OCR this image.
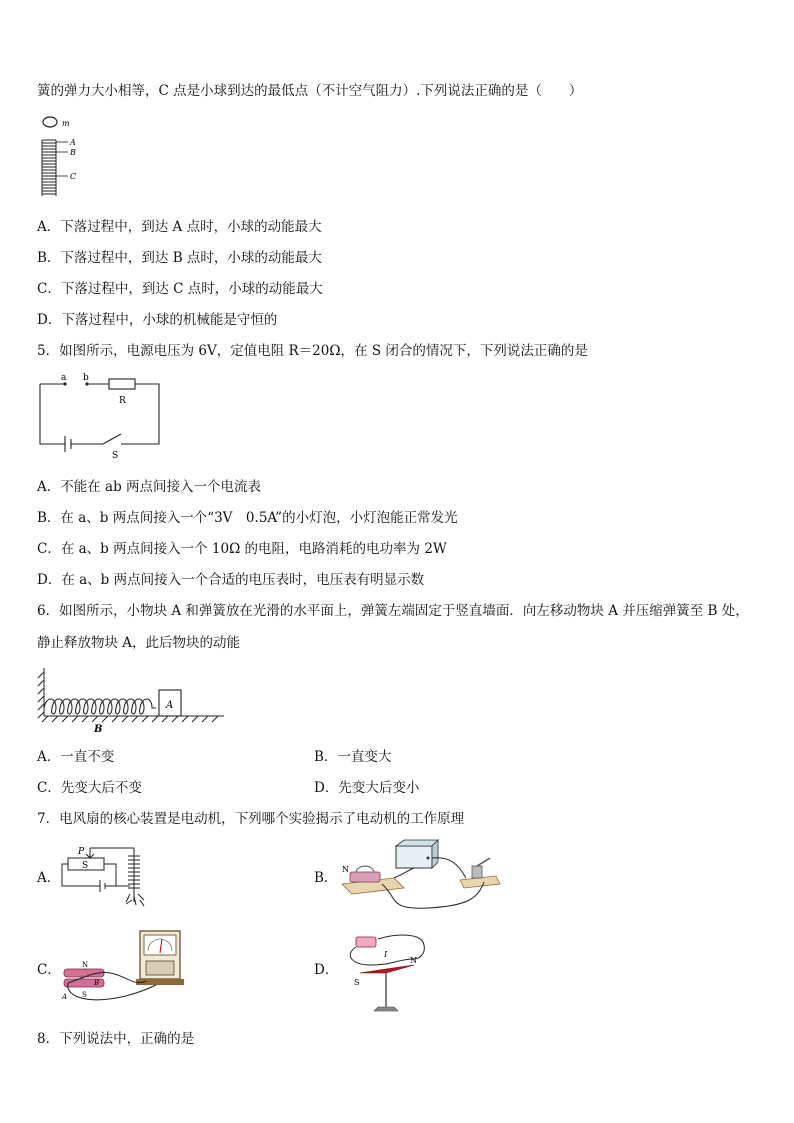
簧的弹力大小相等，C 点是小球到达的最低点（不计空气阻力）.下列说法正确的是（　　）
m
A
B
C
A．下落过程中，到达 A 点时，小球的动能最大
B．下落过程中，到达 B 点时，小球的动能最大
C．下落过程中，到达 C 点时，小球的动能最大
D．下落过程中，小球的机械能是守恒的
5．如图所示，电源电压为 6V，定值电阻 R＝20Ω，在 S 闭合的情况下，下列说法正确的是
a b
R
S
A．不能在 ab 两点间接入一个电流表
B．在 a、b 两点间接入一个“3V　0.5A”的小灯泡，小灯泡能正常发光
C．在 a、b 两点间接入一个 10Ω 的电阻，电路消耗的电功率为 2W
D．在 a、b 两点间接入一个合适的电压表时，电压表有明显示数
6．如图所示，小物块 A 和弹簧放在光滑的水平面上，弹簧左端固定于竖直墙面．向左移动物块 A 并压缩弹簧至 B 处，
静止释放物块 A，此后物块的动能
A
B
A．一直不变	B．一直变大
C．先变大后不变	D．先变大后变小
7．电风扇的核心装置是电动机，下列哪个实验揭示了电动机的工作原理
A．
P
S
B．
N
C．	N
S
A
B
D．
I
S
N
8．下列说法中，正确的是
